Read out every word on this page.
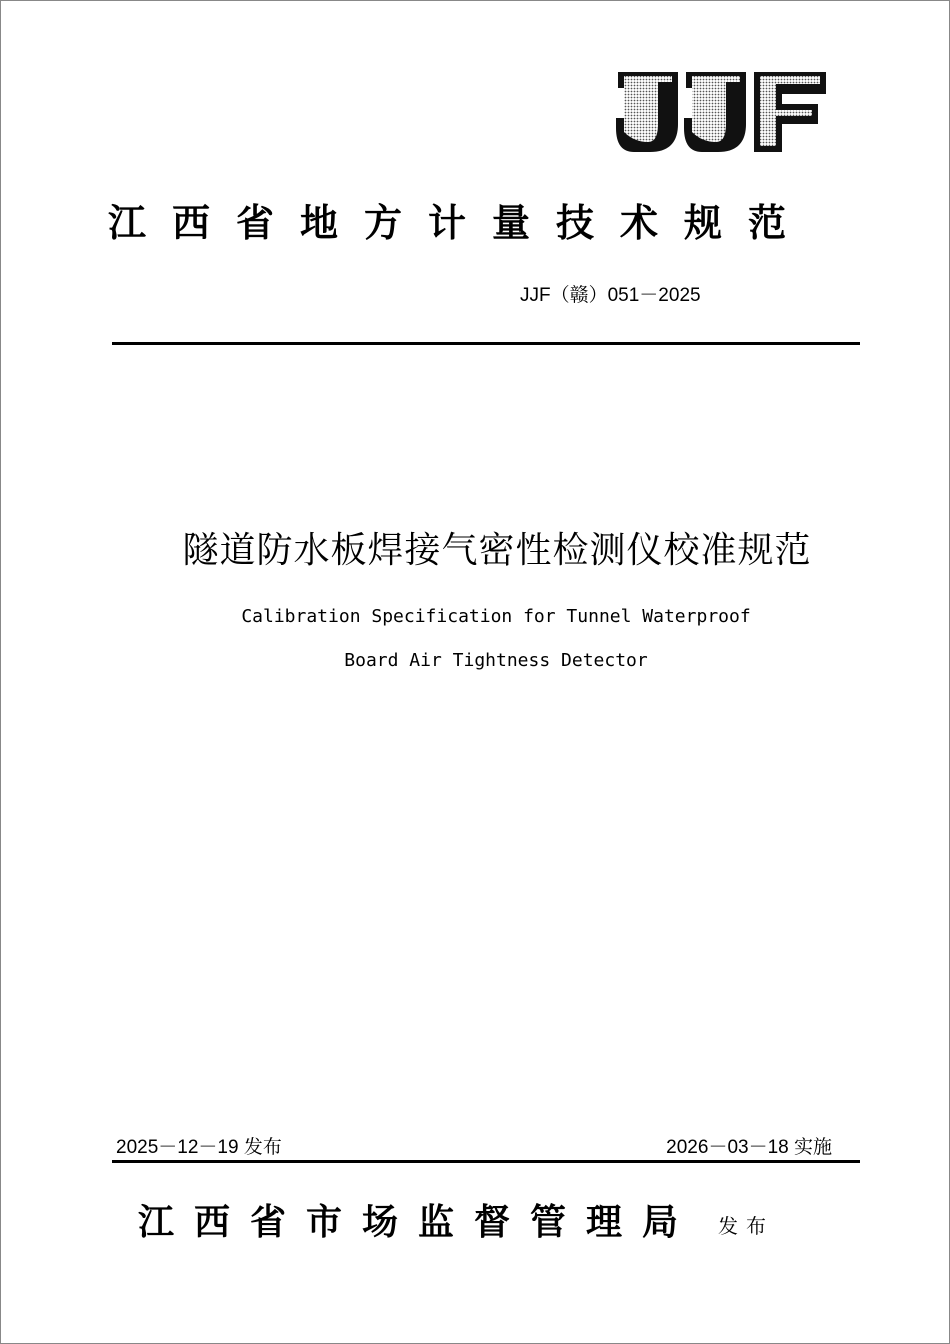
江西省地方计量技术规范
JJF（赣）051－2025
隧道防水板焊接气密性检测仪校准规范
Calibration Specification for Tunnel Waterproof
Board Air Tightness Detector
2025－12－19 发布	2026－03－18 实施
江西省市场监督管理局 发布
